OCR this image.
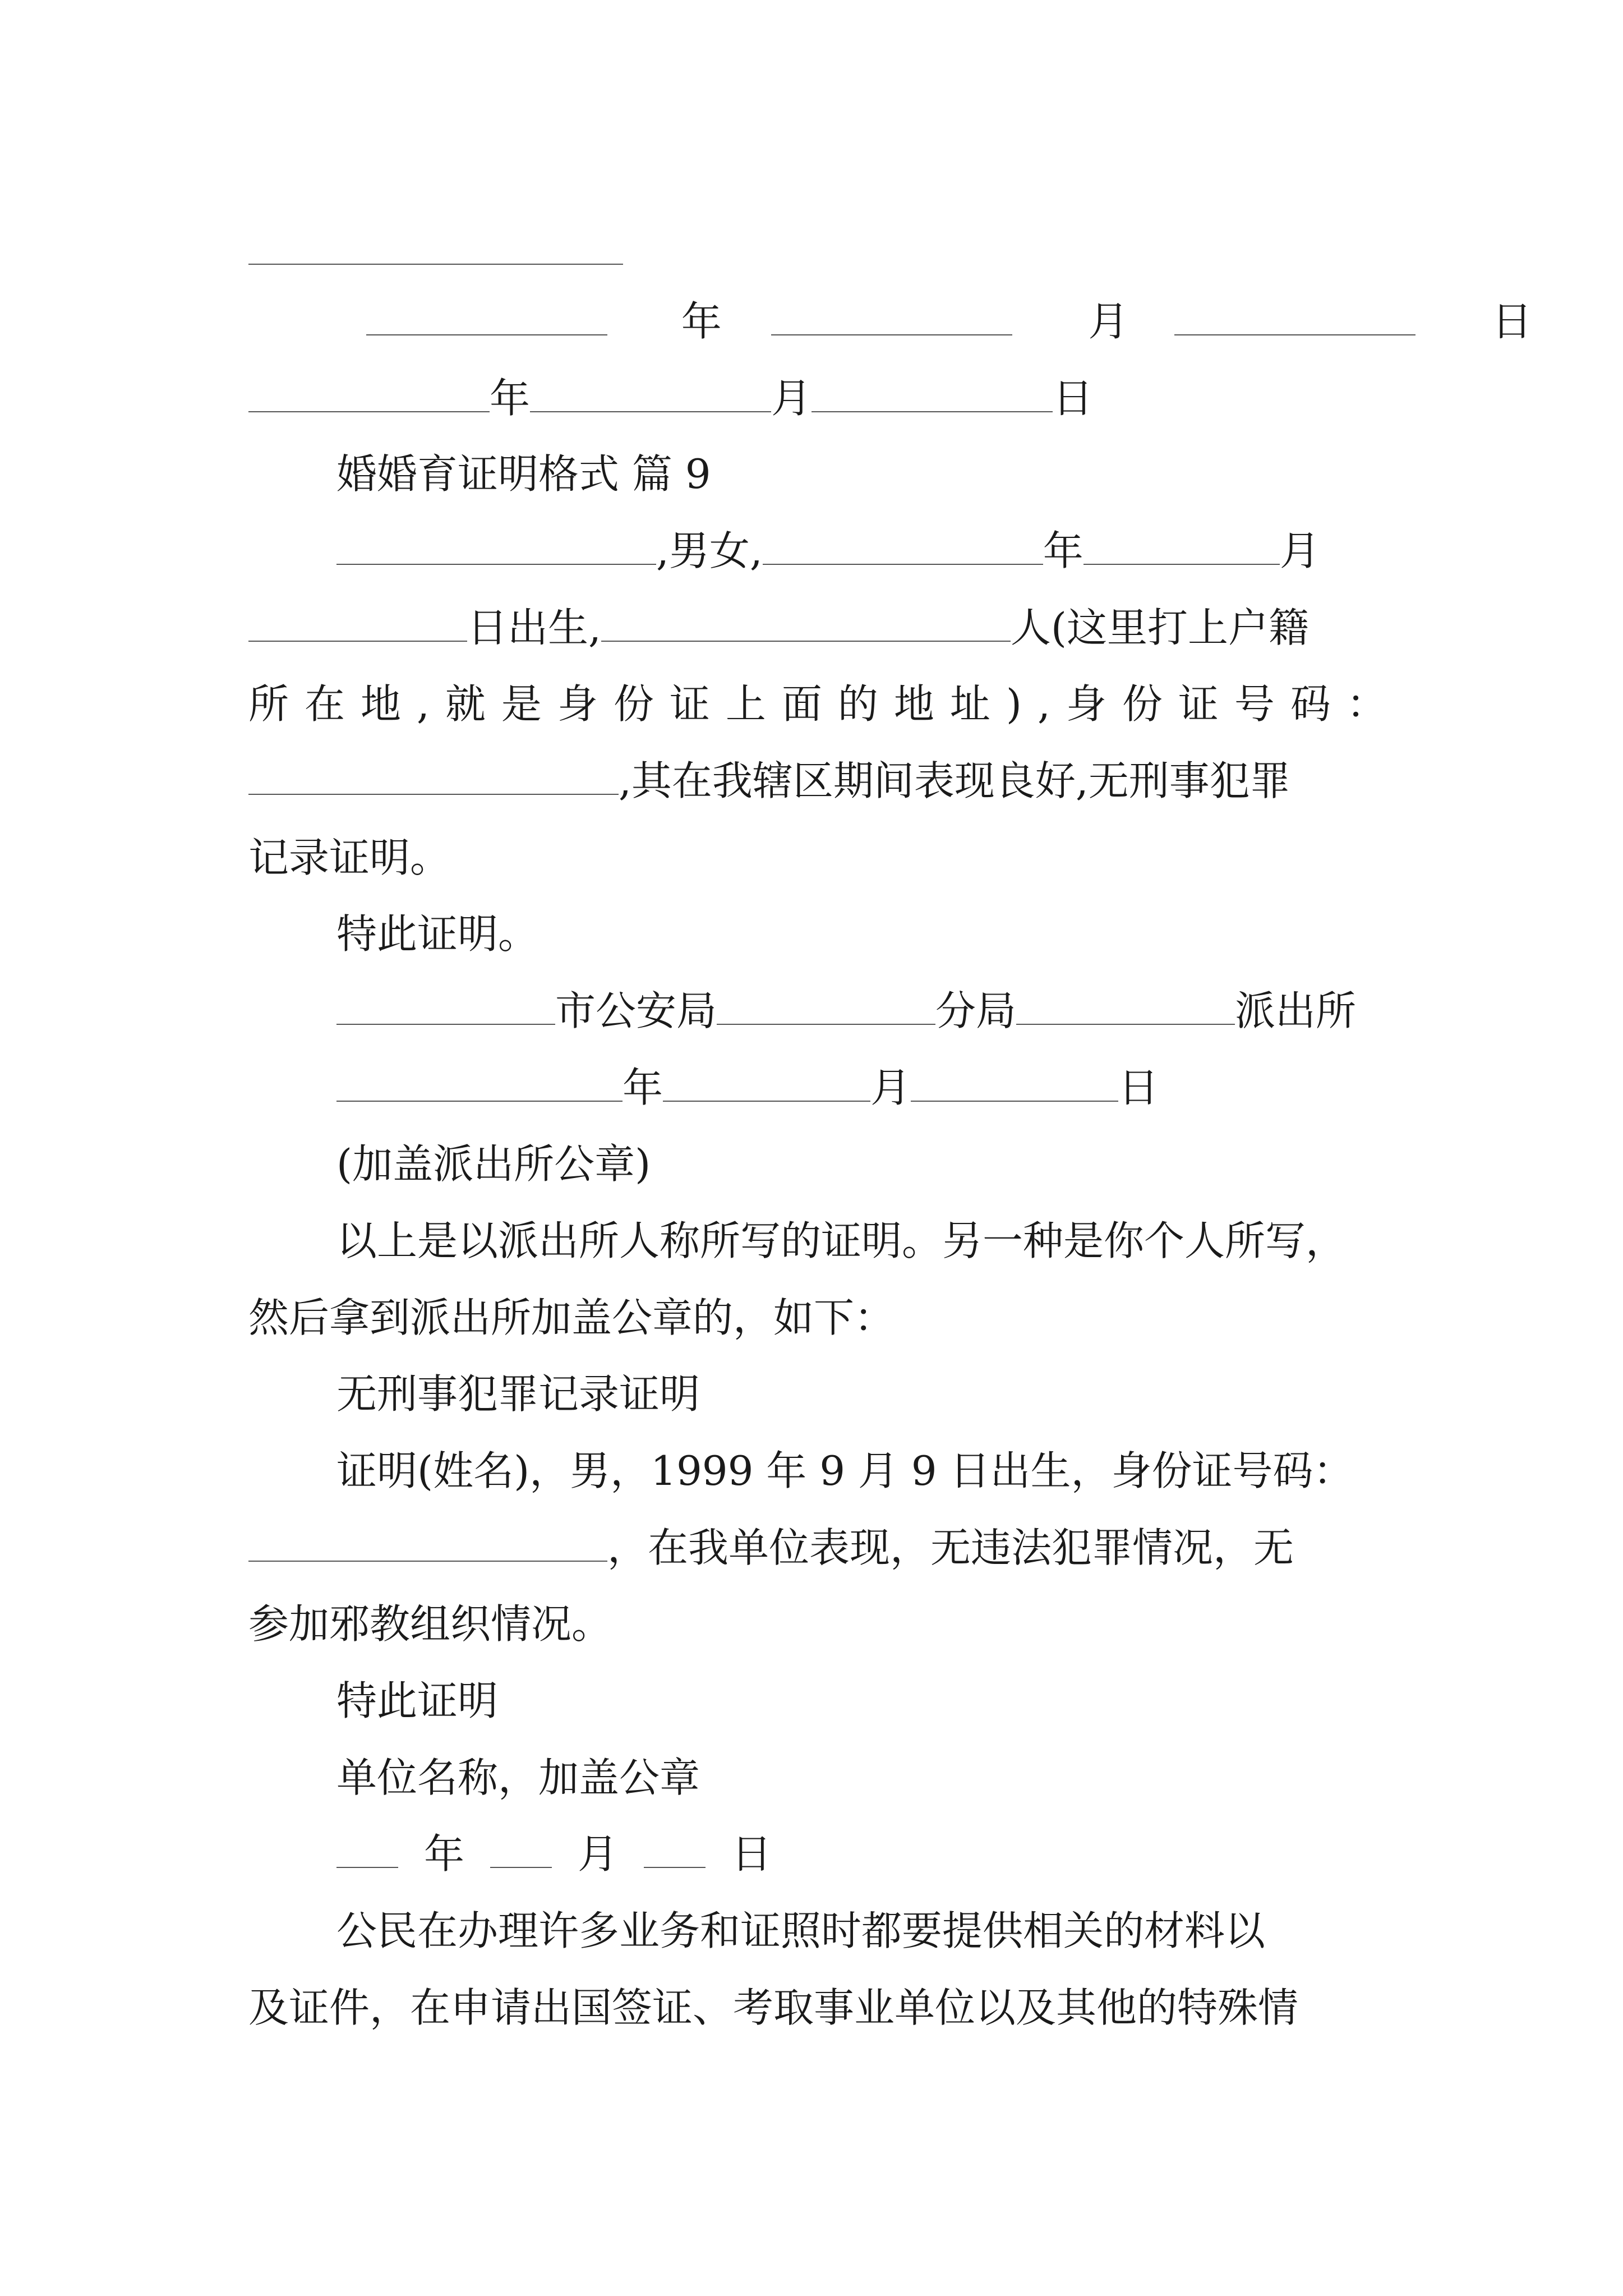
年	月	日
年	月	日
婚婚育证明格式 篇 9
,男女,	年	月
日出生,	人(这里打上户籍
所 在 地 , 就 是 身 份 证 上 面 的 地 址 ) , 身 份 证 号 码 ：
,其在我辖区期间表现良好,无刑事犯罪
记录证明。
特此证明。
市公安局	分局	派出所
年	月	日
(加盖派出所公章)
以上是以派出所人称所写的证明。另一种是你个人所写，
然后拿到派出所加盖公章的，如下：
无刑事犯罪记录证明
证明(姓名)，男，1999 年 9 月 9 日出生，身份证号码：
，在我单位表现，无违法犯罪情况，无
参加邪教组织情况。
特此证明
单位名称，加盖公章
年	月	日
公民在办理许多业务和证照时都要提供相关的材料以
及证件，在申请出国签证、考取事业单位以及其他的特殊情
